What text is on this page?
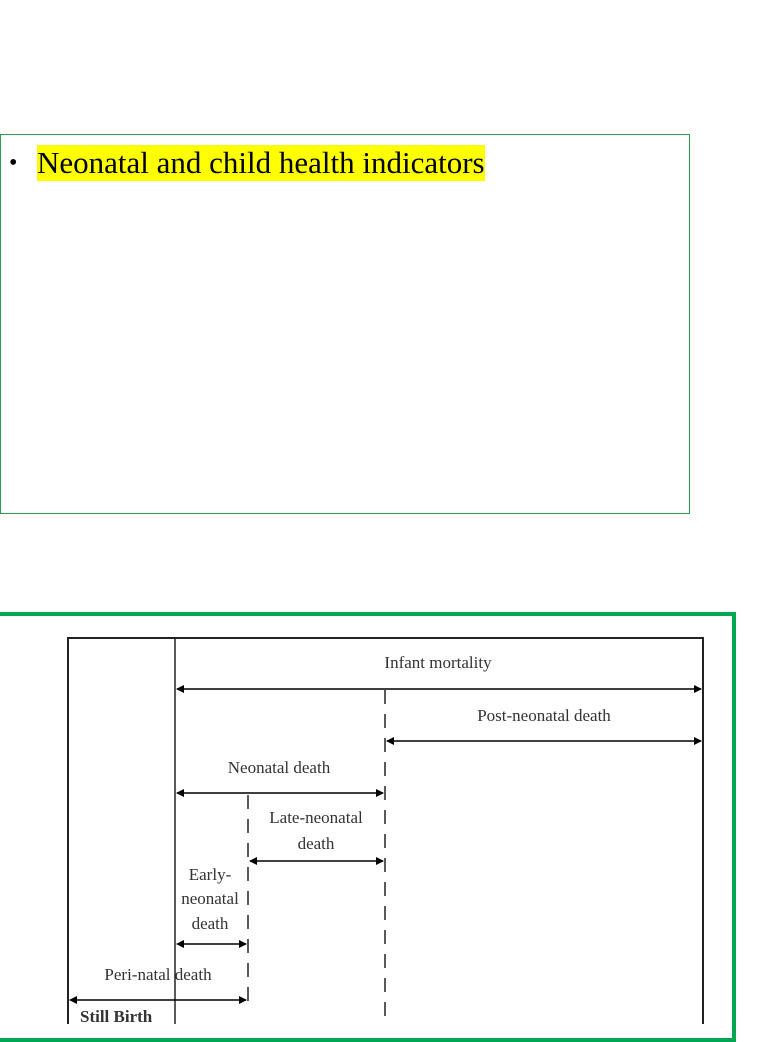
• Neonatal and child health indicators
Infant mortality
Post-neonatal death
Neonatal death
Late-neonatal
death
Early-
neonatal
death
Peri-natal death
Still Birth
